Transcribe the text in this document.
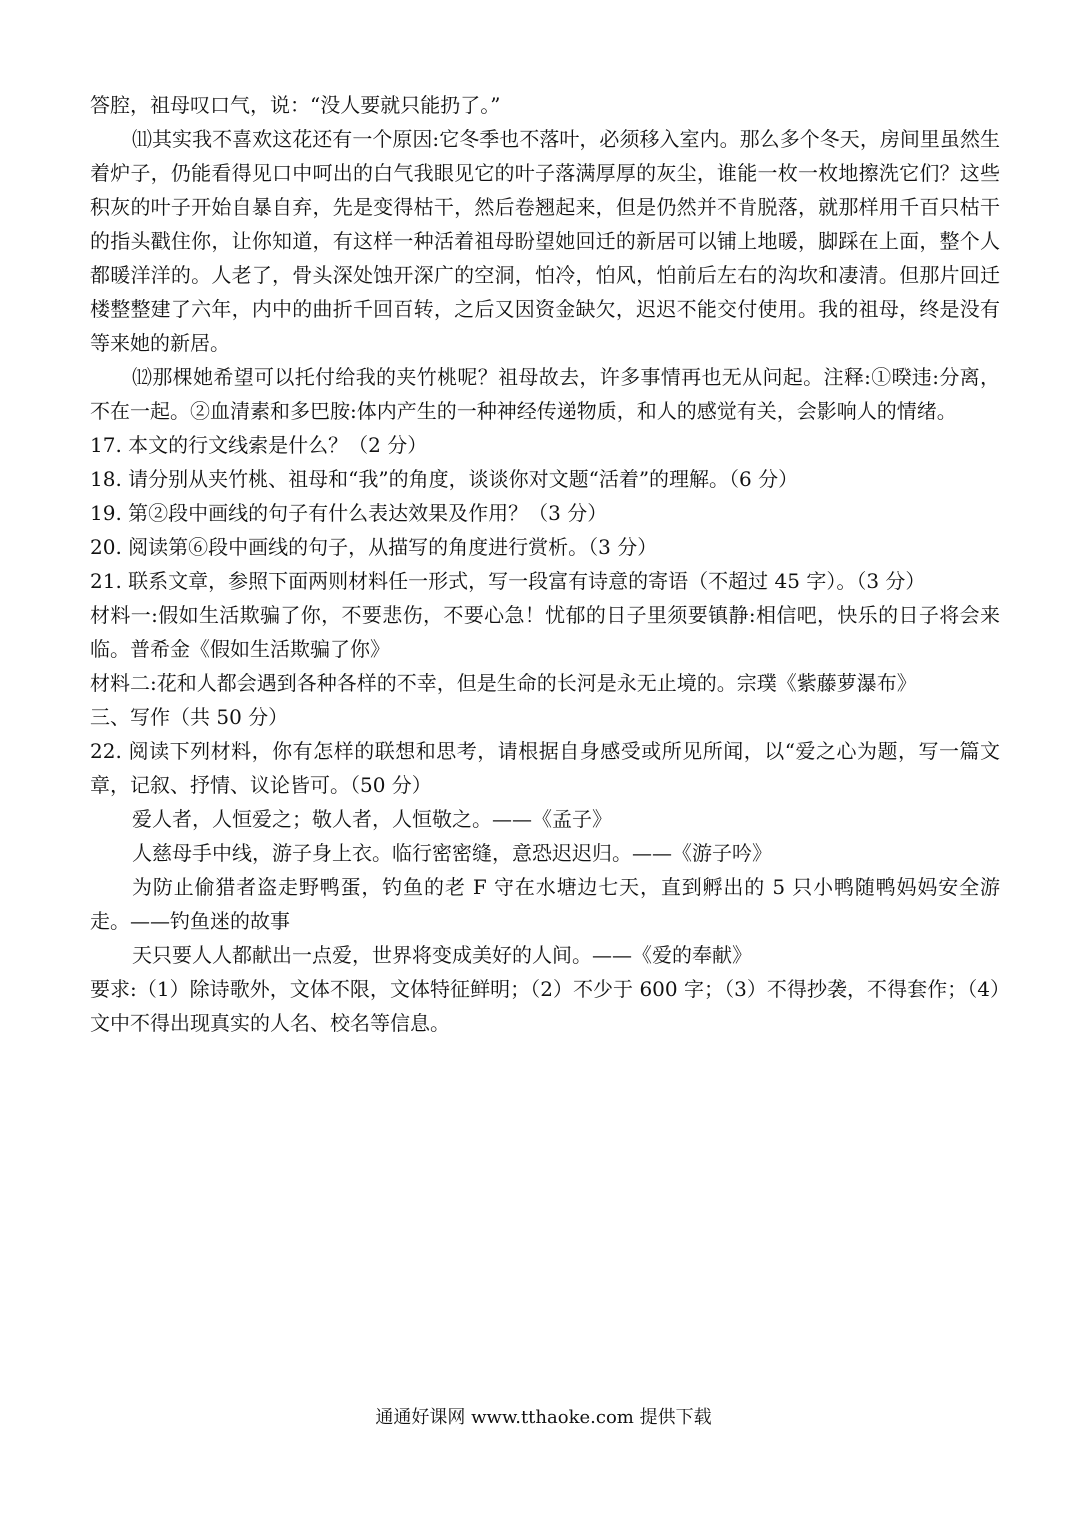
答腔，祖母叹口气，说：“没人要就只能扔了。”
⑾其实我不喜欢这花还有一个原因:它冬季也不落叶，必须移入室内。那么多个冬天，房间里虽然生着炉子，仍能看得见口中呵出的白气我眼见它的叶子落满厚厚的灰尘，谁能一枚一枚地擦洗它们？这些积灰的叶子开始自暴自弃，先是变得枯干，然后卷翘起来，但是仍然并不肯脱落，就那样用千百只枯干的指头戳住你，让你知道，有这样一种活着祖母盼望她回迁的新居可以铺上地暖，脚踩在上面，整个人都暖洋洋的。人老了，骨头深处蚀开深广的空洞，怕冷，怕风，怕前后左右的沟坎和凄清。但那片回迁楼整整建了六年，内中的曲折千回百转，之后又因资金缺欠，迟迟不能交付使用。我的祖母，终是没有等来她的新居。
⑿那棵她希望可以托付给我的夹竹桃呢？祖母故去，许多事情再也无从问起。注释:①暌违:分离，不在一起。②血清素和多巴胺:体内产生的一种神经传递物质，和人的感觉有关，会影响人的情绪。
17. 本文的行文线索是什么？（2 分）
18. 请分别从夹竹桃、祖母和“我”的角度，谈谈你对文题“活着”的理解。（6 分）
19. 第②段中画线的句子有什么表达效果及作用？（3 分）
20. 阅读第⑥段中画线的句子，从描写的角度进行赏析。（3 分）
21. 联系文章，参照下面两则材料任一形式，写一段富有诗意的寄语（不超过 45 字）。（3 分）
材料一:假如生活欺骗了你，不要悲伤，不要心急！忧郁的日子里须要镇静:相信吧，快乐的日子将会来临。普希金《假如生活欺骗了你》
材料二:花和人都会遇到各种各样的不幸，但是生命的长河是永无止境的。宗璞《紫藤萝瀑布》
三、写作（共 50 分）
22. 阅读下列材料，你有怎样的联想和思考，请根据自身感受或所见所闻，以“爱之心为题，写一篇文章，记叙、抒情、议论皆可。（50 分）
爱人者，人恒爱之；敬人者，人恒敬之。——《孟子》
人慈母手中线，游子身上衣。临行密密缝，意恐迟迟归。——《游子吟》
为防止偷猎者盗走野鸭蛋，钓鱼的老 F 守在水塘边七天，直到孵出的 5 只小鸭随鸭妈妈安全游走。——钓鱼迷的故事
天只要人人都献出一点爱，世界将变成美好的人间。——《爱的奉献》
要求:（1）除诗歌外，文体不限，文体特征鲜明；（2）不少于 600 字；（3）不得抄袭，不得套作；（4）文中不得出现真实的人名、校名等信息。
通通好课网 www.tthaoke.com 提供下载
